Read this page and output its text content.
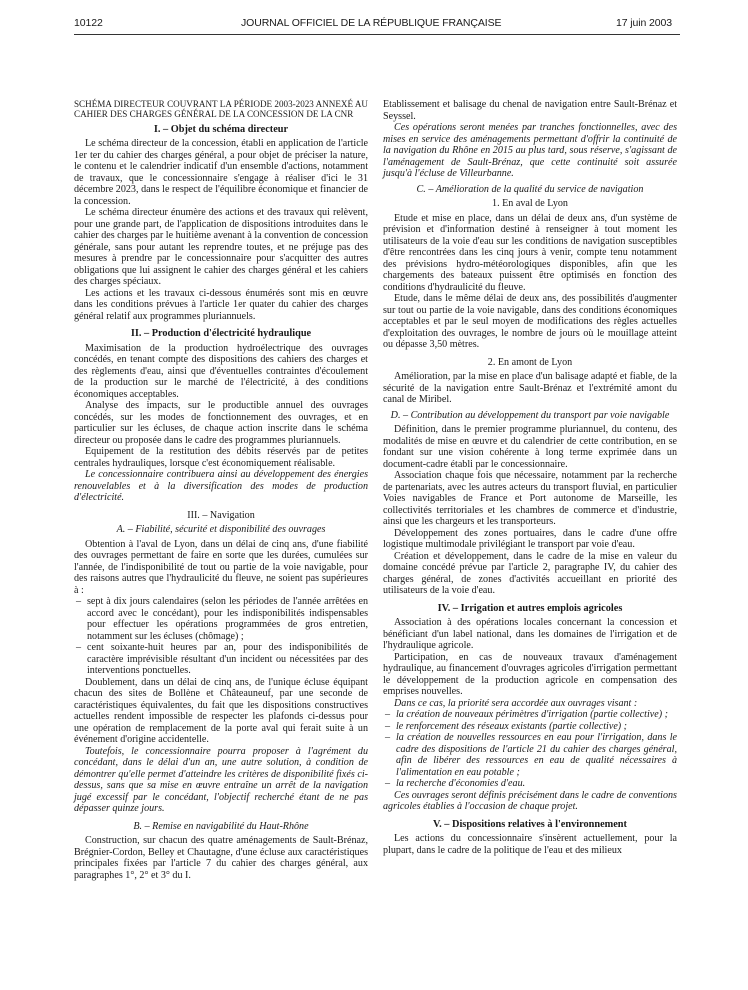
10122	JOURNAL OFFICIEL DE LA RÉPUBLIQUE FRANÇAISE	17 juin 2003

SCHÉMA DIRECTEUR COUVRANT LA PÉRIODE 2003-2023 ANNEXÉ AU CAHIER DES CHARGES GÉNÉRAL DE LA CONCESSION DE LA CNR

I. – Objet du schéma directeur

Le schéma directeur de la concession, établi en application de l'article 1er ter du cahier des charges général, a pour objet de préciser la nature, le contenu et le calendrier indicatif d'un ensemble d'actions, notamment de travaux, que le concessionnaire s'engage à réaliser d'ici le 31 décembre 2023, dans le respect de l'équilibre économique et financier de la concession.

Le schéma directeur énumère des actions et des travaux qui relèvent, pour une grande part, de l'application de dispositions introduites dans le cahier des charges par le huitième avenant à la convention de concession générale, sans pour autant les reprendre toutes, et ne préjuge pas des mesures à prendre par le concessionnaire pour s'acquitter des autres obligations que lui assignent le cahier des charges général et les cahiers des charges spéciaux.

Les actions et les travaux ci-dessous énumérés sont mis en œuvre dans les conditions prévues à l'article 1er quater du cahier des charges général relatif aux programmes pluriannuels.

II. – Production d'électricité hydraulique

Maximisation de la production hydroélectrique des ouvrages concédés, en tenant compte des dispositions des cahiers des charges et des règlements d'eau, ainsi que d'éventuelles contraintes d'écoulement de la production sur le marché de l'électricité, à des conditions économiques acceptables.

Analyse des impacts, sur le productible annuel des ouvrages concédés, sur les modes de fonctionnement des ouvrages, et en particulier sur les écluses, de chaque action inscrite dans le schéma directeur ou proposée dans le cadre des programmes pluriannuels.

Equipement de la restitution des débits réservés par de petites centrales hydrauliques, lorsque c'est économiquement réalisable.

Le concessionnaire contribuera ainsi au développement des énergies renouvelables et à la diversification des modes de production d'électricité.

III. – Navigation
A. – Fiabilité, sécurité et disponibilité des ouvrages

Obtention à l'aval de Lyon, dans un délai de cinq ans, d'une fiabilité des ouvrages permettant de faire en sorte que les durées, cumulées sur l'année, de l'indisponibilité de tout ou partie de la voie navigable, pour des raisons autres que l'hydraulicité du fleuve, ne soient pas supérieures à :

– sept à dix jours calendaires (selon les périodes de l'année arrêtées en accord avec le concédant), pour les indisponibilités indispensables pour effectuer les opérations programmées de gros entretien, notamment sur les écluses (chômage) ;
– cent soixante-huit heures par an, pour des indisponibilités de caractère imprévisible résultant d'un incident ou nécessitées par des interventions ponctuelles.

Doublement, dans un délai de cinq ans, de l'unique écluse équipant chacun des sites de Bollène et Châteauneuf, par une seconde de caractéristiques équivalentes, du fait que les dispositions constructives actuelles rendent impossible de respecter les plafonds ci-dessus pour une opération de remplacement de la porte aval qui ferait suite à un événement d'origine accidentelle.

Toutefois, le concessionnaire pourra proposer à l'agrément du concédant, dans le délai d'un an, une autre solution, à condition de démontrer qu'elle permet d'atteindre les critères de disponibilité fixés ci-dessus, sans que sa mise en œuvre entraîne un arrêt de la navigation jugé excessif par le concédant, l'objectif recherché étant de ne pas dépasser quinze jours.

B. – Remise en navigabilité du Haut-Rhône

Construction, sur chacun des quatre aménagements de Sault-Brénaz, Brégnier-Cordon, Belley et Chautagne, d'une écluse aux caractéristiques principales fixées par l'article 7 du cahier des charges général, aux paragraphes 1°, 2° et 3° du I.

Etablissement et balisage du chenal de navigation entre Sault-Brénaz et Seyssel.

Ces opérations seront menées par tranches fonctionnelles, avec des mises en service des aménagements permettant d'offrir la continuité de la navigation du Rhône en 2015 au plus tard, sous réserve, s'agissant de l'aménagement de Sault-Brénaz, que cette continuité soit assurée jusqu'à l'écluse de Villeurbanne.

C. – Amélioration de la qualité du service de navigation
1. En aval de Lyon

Etude et mise en place, dans un délai de deux ans, d'un système de prévision et d'information destiné à renseigner à tout moment les utilisateurs de la voie d'eau sur les conditions de navigation susceptibles d'être rencontrées dans les cinq jours à venir, compte tenu notamment des prévisions hydro-météorologiques disponibles, afin que les chargements des bateaux puissent être optimisés en fonction des conditions d'hydraulicité du fleuve.

Etude, dans le même délai de deux ans, des possibilités d'augmenter sur tout ou partie de la voie navigable, dans des conditions économiques acceptables et par le seul moyen de modifications des règles actuelles d'exploitation des ouvrages, le nombre de jours où le mouillage atteint ou dépasse 3,50 mètres.

2. En amont de Lyon

Amélioration, par la mise en place d'un balisage adapté et fiable, de la sécurité de la navigation entre Sault-Brénaz et l'extrémité amont du canal de Miribel.

D. – Contribution au développement du transport par voie navigable

Définition, dans le premier programme pluriannuel, du contenu, des modalités de mise en œuvre et du calendrier de cette contribution, en se fondant sur une vision cohérente à long terme exprimée dans un document-cadre établi par le concessionnaire.

Association chaque fois que nécessaire, notamment par la recherche de partenariats, avec les autres acteurs du transport fluvial, en particulier Voies navigables de France et Port autonome de Marseille, les collectivités territoriales et les chambres de commerce et d'industrie, ainsi que les chargeurs et les transporteurs.

Développement des zones portuaires, dans le cadre d'une offre logistique multimodale privilégiant le transport par voie d'eau.

Création et développement, dans le cadre de la mise en valeur du domaine concédé prévue par l'article 2, paragraphe IV, du cahier des charges général, de zones d'activités accueillant en priorité des utilisateurs de la voie d'eau.

IV. – Irrigation et autres emplois agricoles

Association à des opérations locales concernant la concession et bénéficiant d'un label national, dans les domaines de l'irrigation et de l'hydraulique agricole.

Participation, en cas de nouveaux travaux d'aménagement hydraulique, au financement d'ouvrages agricoles d'irrigation permettant le développement de la production agricole en compensation des emprises nouvelles.

Dans ce cas, la priorité sera accordée aux ouvrages visant :

– la création de nouveaux périmètres d'irrigation (partie collective) ;
– le renforcement des réseaux existants (partie collective) ;
– la création de nouvelles ressources en eau pour l'irrigation, dans le cadre des dispositions de l'article 21 du cahier des charges général, afin de libérer des ressources en eau de qualité nécessaires à l'alimentation en eau potable ;
– la recherche d'économies d'eau.

Ces ouvrages seront définis précisément dans le cadre de conventions agricoles établies à l'occasion de chaque projet.

V. – Dispositions relatives à l'environnement

Les actions du concessionnaire s'insèrent actuellement, pour la plupart, dans le cadre de la politique de l'eau et des milieux
